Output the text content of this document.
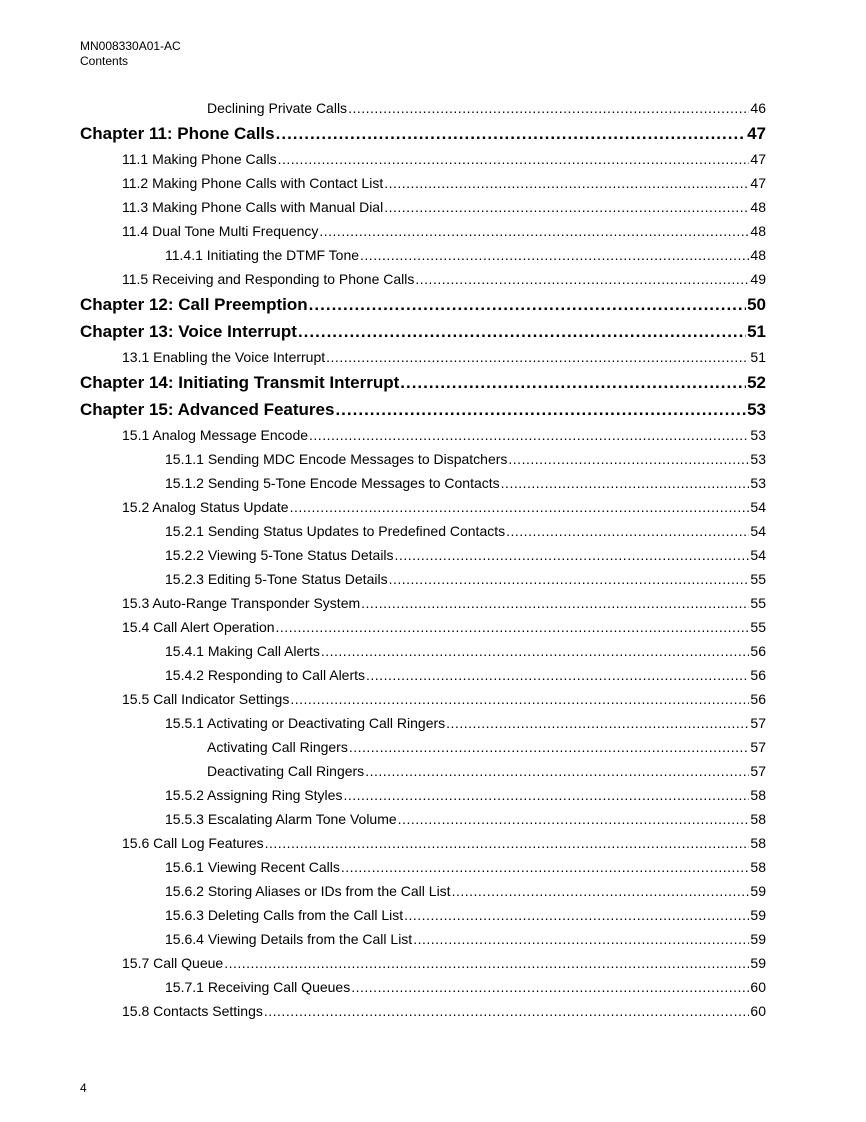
MN008330A01-AC
Contents
Declining Private Calls .....	46
Chapter 11: Phone Calls .....	47
11.1 Making Phone Calls .....	47
11.2 Making Phone Calls with Contact List .....	47
11.3 Making Phone Calls with Manual Dial .....	48
11.4 Dual Tone Multi Frequency .....	48
11.4.1 Initiating the DTMF Tone .....	48
11.5 Receiving and Responding to Phone Calls .....	49
Chapter 12: Call Preemption .....	50
Chapter 13: Voice Interrupt .....	51
13.1 Enabling the Voice Interrupt .....	51
Chapter 14: Initiating Transmit Interrupt .....	52
Chapter 15: Advanced Features .....	53
15.1 Analog Message Encode .....	53
15.1.1 Sending MDC Encode Messages to Dispatchers .....	53
15.1.2 Sending 5-Tone Encode Messages to Contacts .....	53
15.2 Analog Status Update .....	54
15.2.1 Sending Status Updates to Predefined Contacts .....	54
15.2.2 Viewing 5-Tone Status Details .....	54
15.2.3 Editing 5-Tone Status Details .....	55
15.3 Auto-Range Transponder System .....	55
15.4 Call Alert Operation .....	55
15.4.1 Making Call Alerts .....	56
15.4.2 Responding to Call Alerts .....	56
15.5 Call Indicator Settings .....	56
15.5.1 Activating or Deactivating Call Ringers .....	57
Activating Call Ringers .....	57
Deactivating Call Ringers .....	57
15.5.2 Assigning Ring Styles .....	58
15.5.3 Escalating Alarm Tone Volume .....	58
15.6 Call Log Features .....	58
15.6.1 Viewing Recent Calls .....	58
15.6.2 Storing Aliases or IDs from the Call List .....	59
15.6.3 Deleting Calls from the Call List .....	59
15.6.4 Viewing Details from the Call List .....	59
15.7 Call Queue .....	59
15.7.1 Receiving Call Queues .....	60
15.8 Contacts Settings .....	60
4
